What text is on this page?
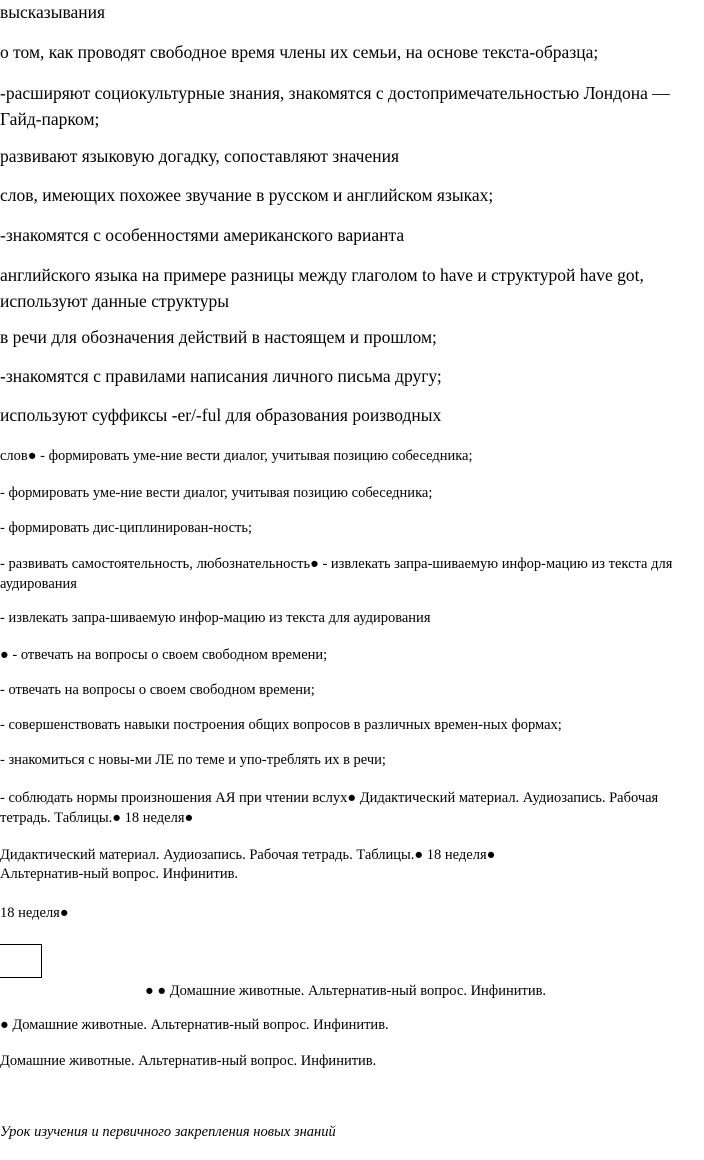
высказывания

о том, как проводят свободное время члены их семьи, на основе текста-образца;

-расширяют социокультурные знания, знакомятся с достопримечательностью Лондона — Гайд-парком;

развивают языковую догадку, сопоставляют значения

слов, имеющих похожее звучание в русском и английском языках;

-знакомятся с особенностями американского варианта

английского языка на примере разницы между глаголом to have и структурой have got, используют данные структуры

в речи для обозначения действий в настоящем и прошлом;

-знакомятся с правилами написания личного письма другу;

используют суффиксы -er/-ful для образования роизводных

слов● - формировать уме-ние вести диалог, учитывая позицию собеседника;

- формировать уме-ние вести диалог, учитывая позицию собеседника;

- формировать дис-циплинирован-ность;

- развивать самостоятельность, любознательность● - извлекать запра-шиваемую инфор-мацию из текста для аудирования

- извлекать запра-шиваемую инфор-мацию из текста для аудирования

● - отвечать на вопросы о своем свободном времени;

- отвечать на вопросы о своем свободном времени;

- совершенствовать навыки построения общих вопросов в различных времен-ных формах;

- знакомиться с новы-ми ЛЕ по теме и упо-треблять их в речи;

- соблюдать нормы произношения АЯ при чтении вслух● Дидактический материал. Аудиозапись. Рабочая тетрадь. Таблицы.● 18 неделя●

Дидактический материал. Аудиозапись. Рабочая тетрадь. Таблицы.● 18 неделя●

Альтернатив-ный вопрос. Инфинитив.

18 неделя●

● ● Домашние животные. Альтернатив-ный вопрос. Инфинитив.

● Домашние животные. Альтернатив-ный вопрос. Инфинитив.

Домашние животные. Альтернатив-ный вопрос. Инфинитив.

Урок изучения и первичного закрепления новых знаний
